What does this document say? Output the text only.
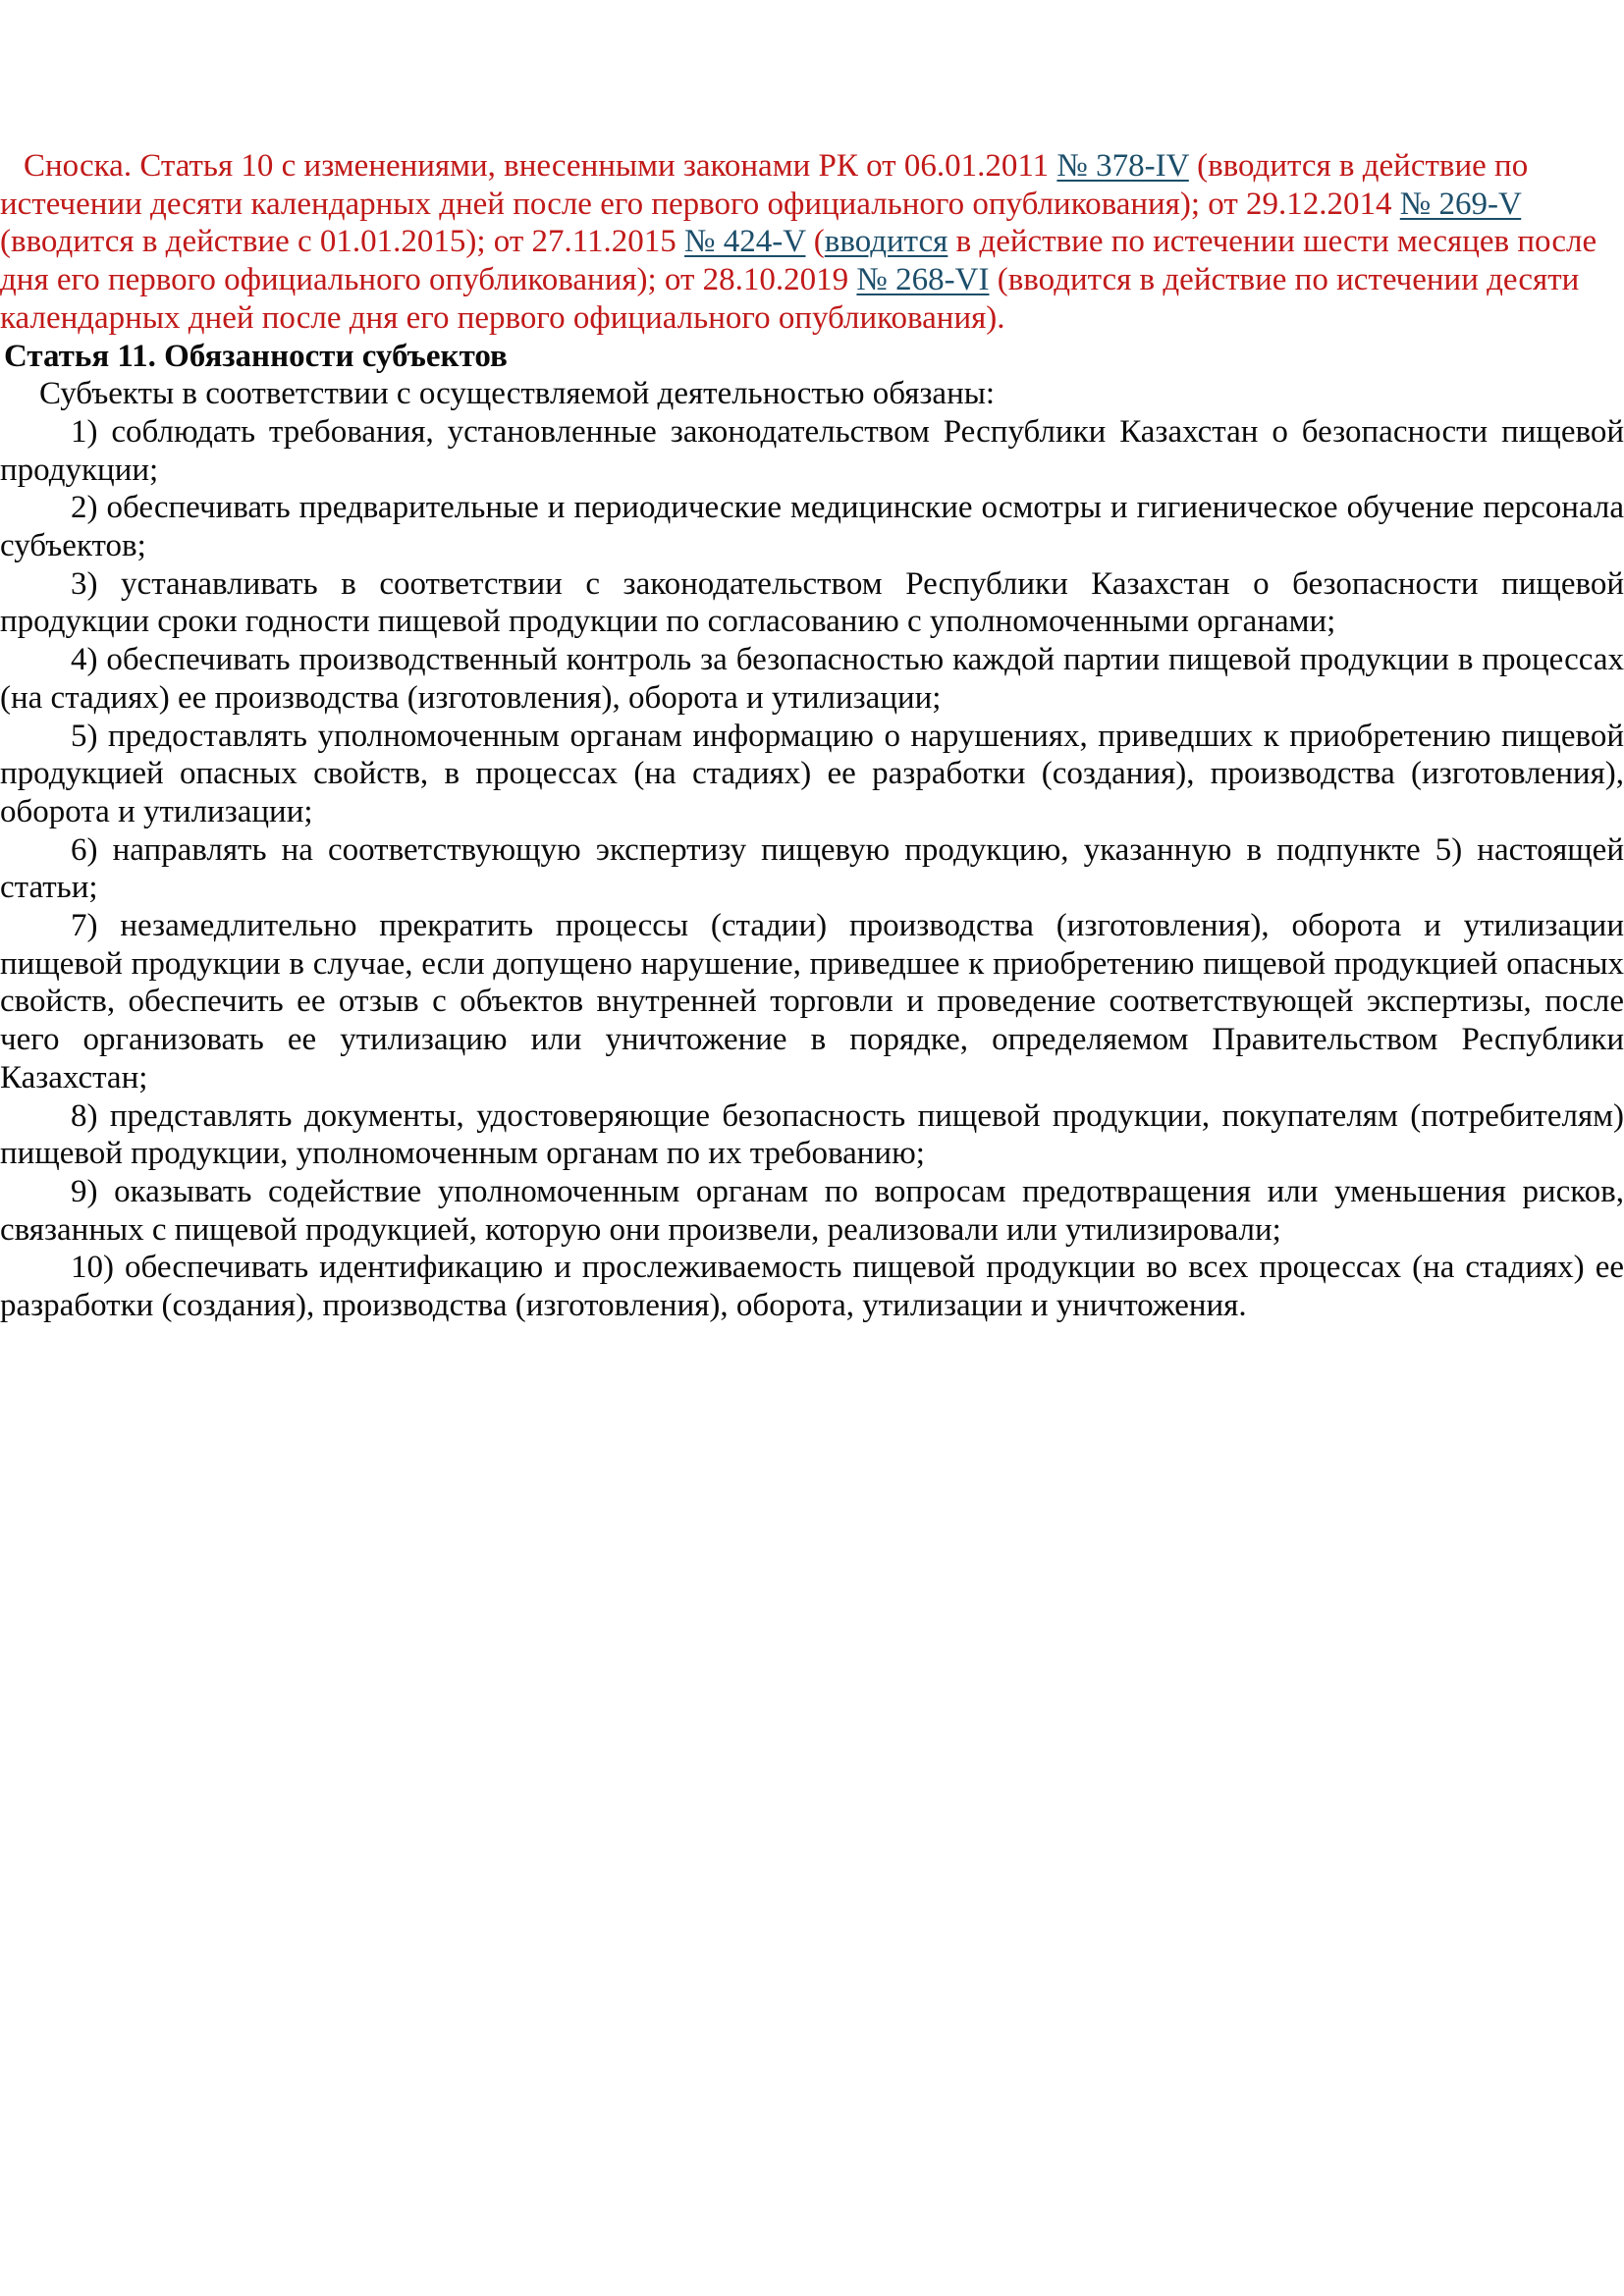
Сноска. Статья 10 с изменениями, внесенными законами РК от 06.01.2011 № 378-IV (вводится в действие по истечении десяти календарных дней после его первого официального опубликования); от 29.12.2014 № 269-V (вводится в действие с 01.01.2015); от 27.11.2015 № 424-V (вводится в действие по истечении шести месяцев после дня его первого официального опубликования); от 28.10.2019 № 268-VI (вводится в действие по истечении десяти календарных дней после дня его первого официального опубликования).

Статья 11. Обязанности субъектов

Субъекты в соответствии с осуществляемой деятельностью обязаны:

1) соблюдать требования, установленные законодательством Республики Казахстан о безопасности пищевой продукции;

2) обеспечивать предварительные и периодические медицинские осмотры и гигиеническое обучение персонала субъектов;

3) устанавливать в соответствии с законодательством Республики Казахстан о безопасности пищевой продукции сроки годности пищевой продукции по согласованию с уполномоченными органами;

4) обеспечивать производственный контроль за безопасностью каждой партии пищевой продукции в процессах (на стадиях) ее производства (изготовления), оборота и утилизации;

5) предоставлять уполномоченным органам информацию о нарушениях, приведших к приобретению пищевой продукцией опасных свойств, в процессах (на стадиях) ее разработки (создания), производства (изготовления), оборота и утилизации;

6) направлять на соответствующую экспертизу пищевую продукцию, указанную в подпункте 5) настоящей статьи;

7) незамедлительно прекратить процессы (стадии) производства (изготовления), оборота и утилизации пищевой продукции в случае, если допущено нарушение, приведшее к приобретению пищевой продукцией опасных свойств, обеспечить ее отзыв с объектов внутренней торговли и проведение соответствующей экспертизы, после чего организовать ее утилизацию или уничтожение в порядке, определяемом Правительством Республики Казахстан;

8) представлять документы, удостоверяющие безопасность пищевой продукции, покупателям (потребителям) пищевой продукции, уполномоченным органам по их требованию;

9) оказывать содействие уполномоченным органам по вопросам предотвращения или уменьшения рисков, связанных с пищевой продукцией, которую они произвели, реализовали или утилизировали;

10) обеспечивать идентификацию и прослеживаемость пищевой продукции во всех процессах (на стадиях) ее разработки (создания), производства (изготовления), оборота, утилизации и уничтожения.
